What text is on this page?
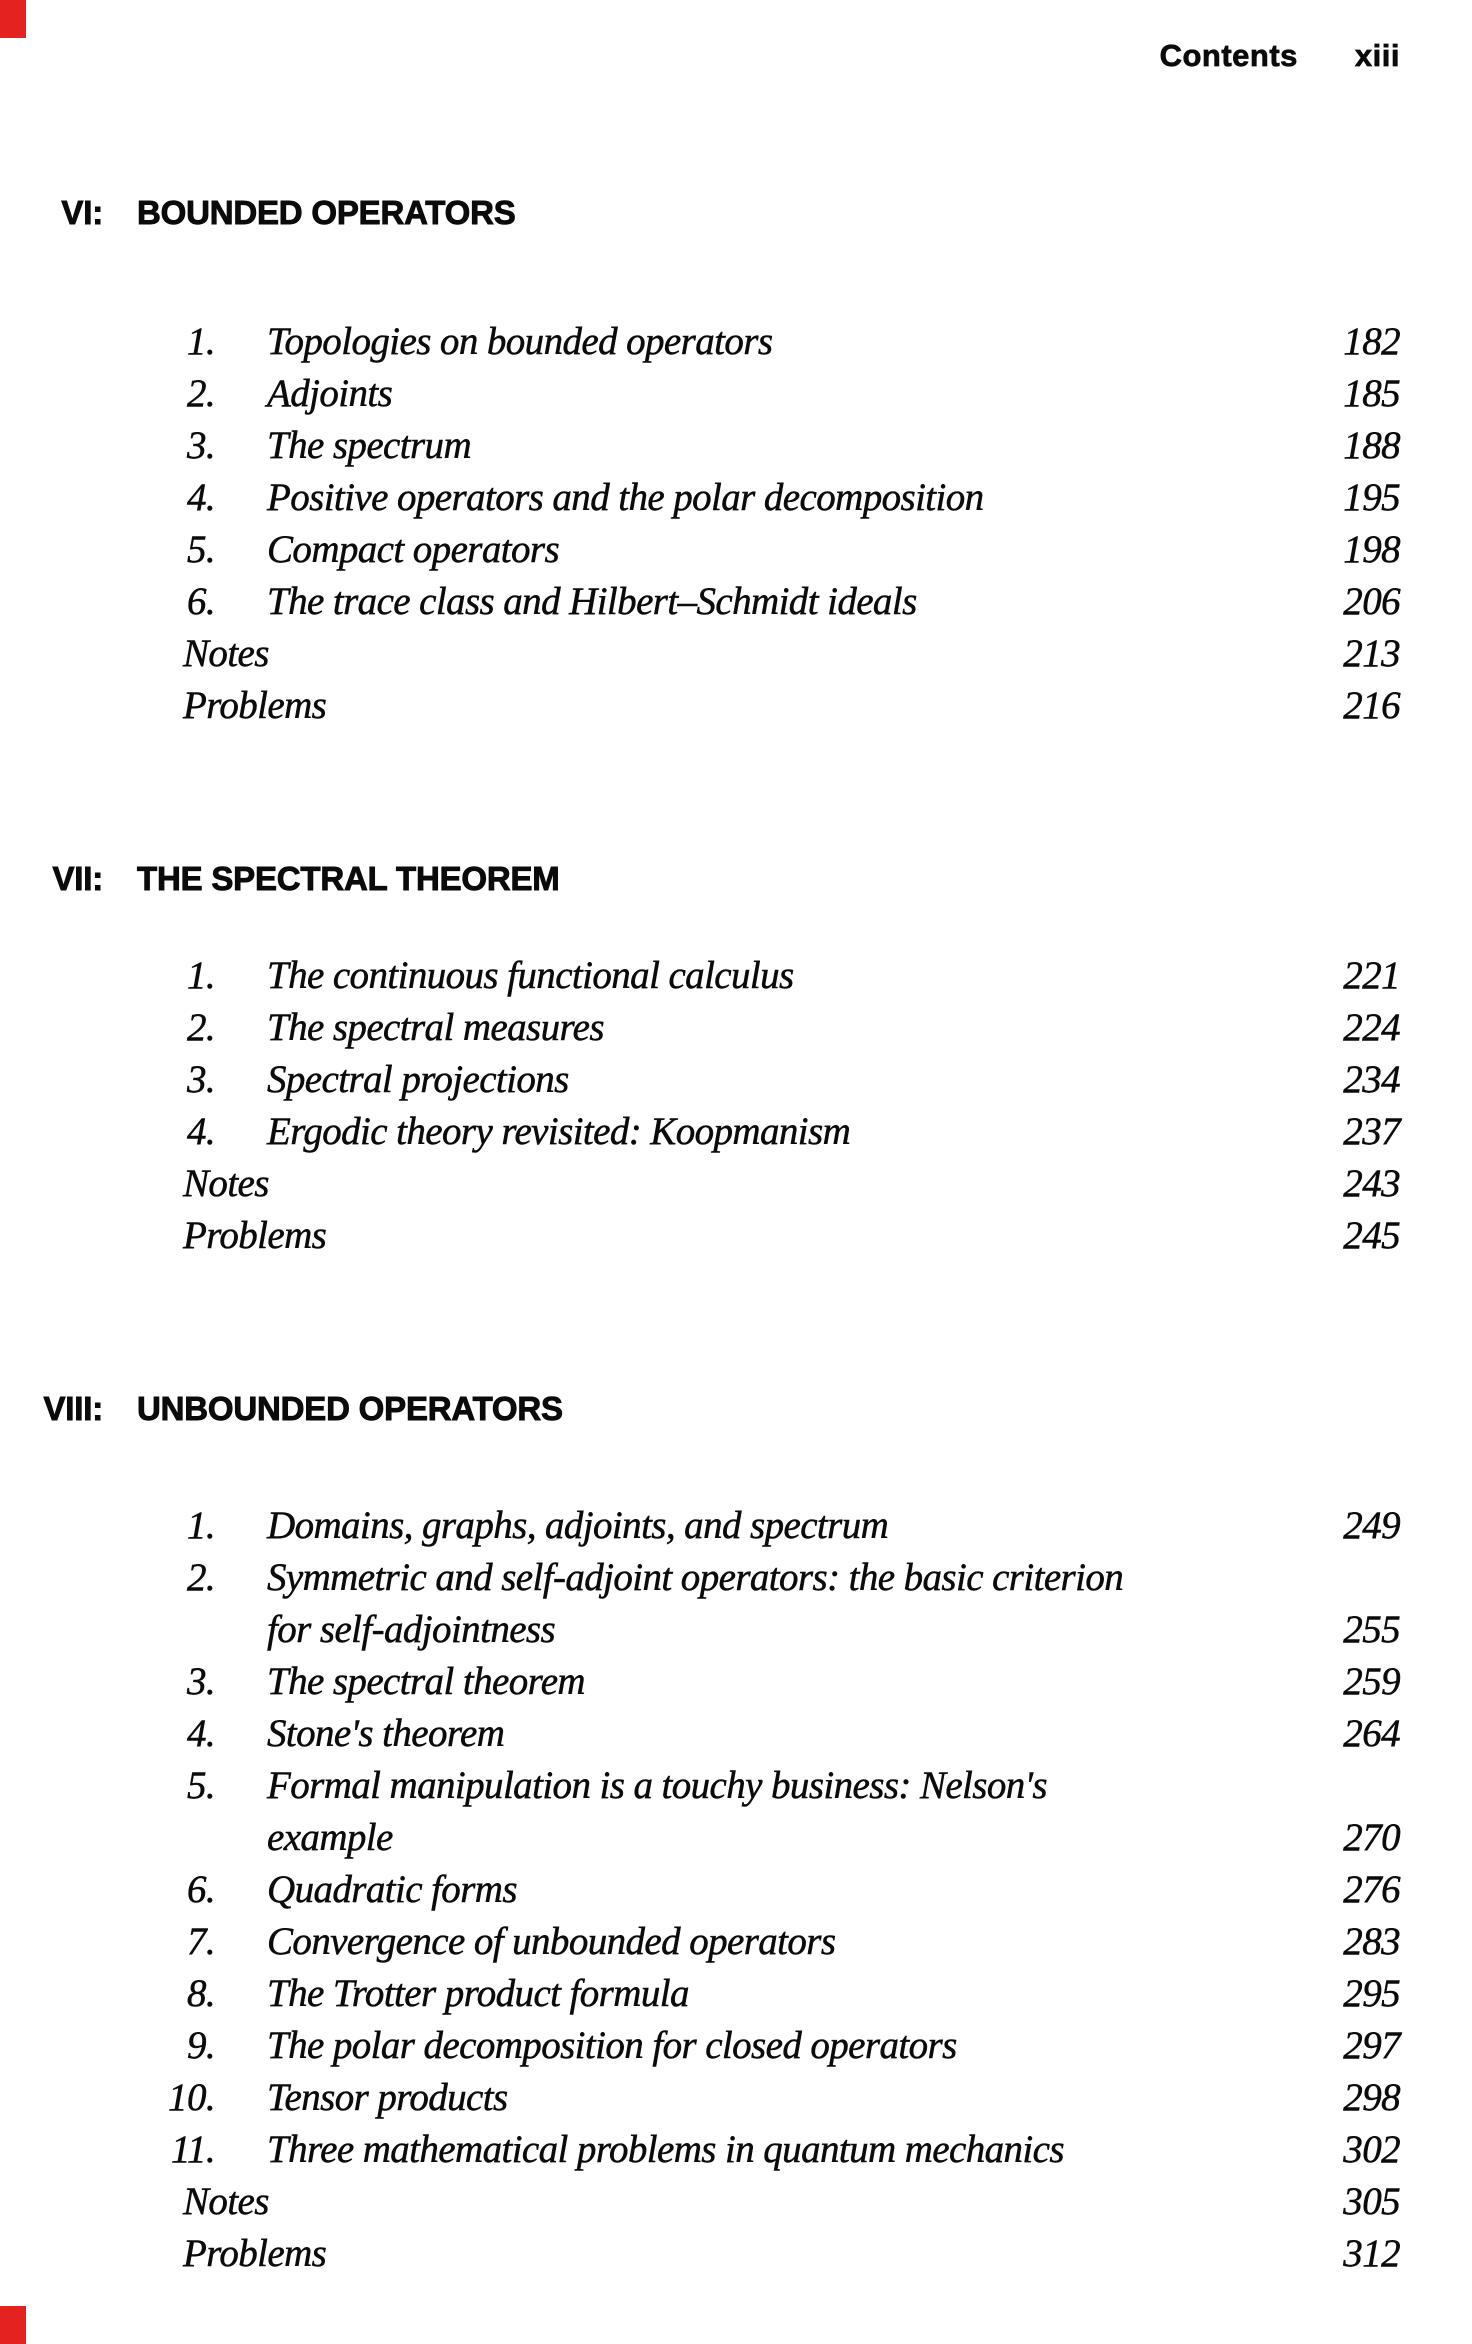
Contents xiii
VI:	BOUNDED OPERATORS
1.	Topologies on bounded operators	182
2.	Adjoints	185
3.	The spectrum	188
4.	Positive operators and the polar decomposition	195
5.	Compact operators	198
6.	The trace class and Hilbert–Schmidt ideals	206
Notes	213
Problems	216
VII:	THE SPECTRAL THEOREM
1.	The continuous functional calculus	221
2.	The spectral measures	224
3.	Spectral projections	234
4.	Ergodic theory revisited: Koopmanism	237
Notes	243
Problems	245
VIII:	UNBOUNDED OPERATORS
1.	Domains, graphs, adjoints, and spectrum	249
2.	Symmetric and self-adjoint operators: the basic criterion
for self-adjointness	255
3.	The spectral theorem	259
4.	Stone's theorem	264
5.	Formal manipulation is a touchy business: Nelson's
example	270
6.	Quadratic forms	276
7.	Convergence of unbounded operators	283
8.	The Trotter product formula	295
9.	The polar decomposition for closed operators	297
10.	Tensor products	298
11.	Three mathematical problems in quantum mechanics	302
Notes	305
Problems	312
